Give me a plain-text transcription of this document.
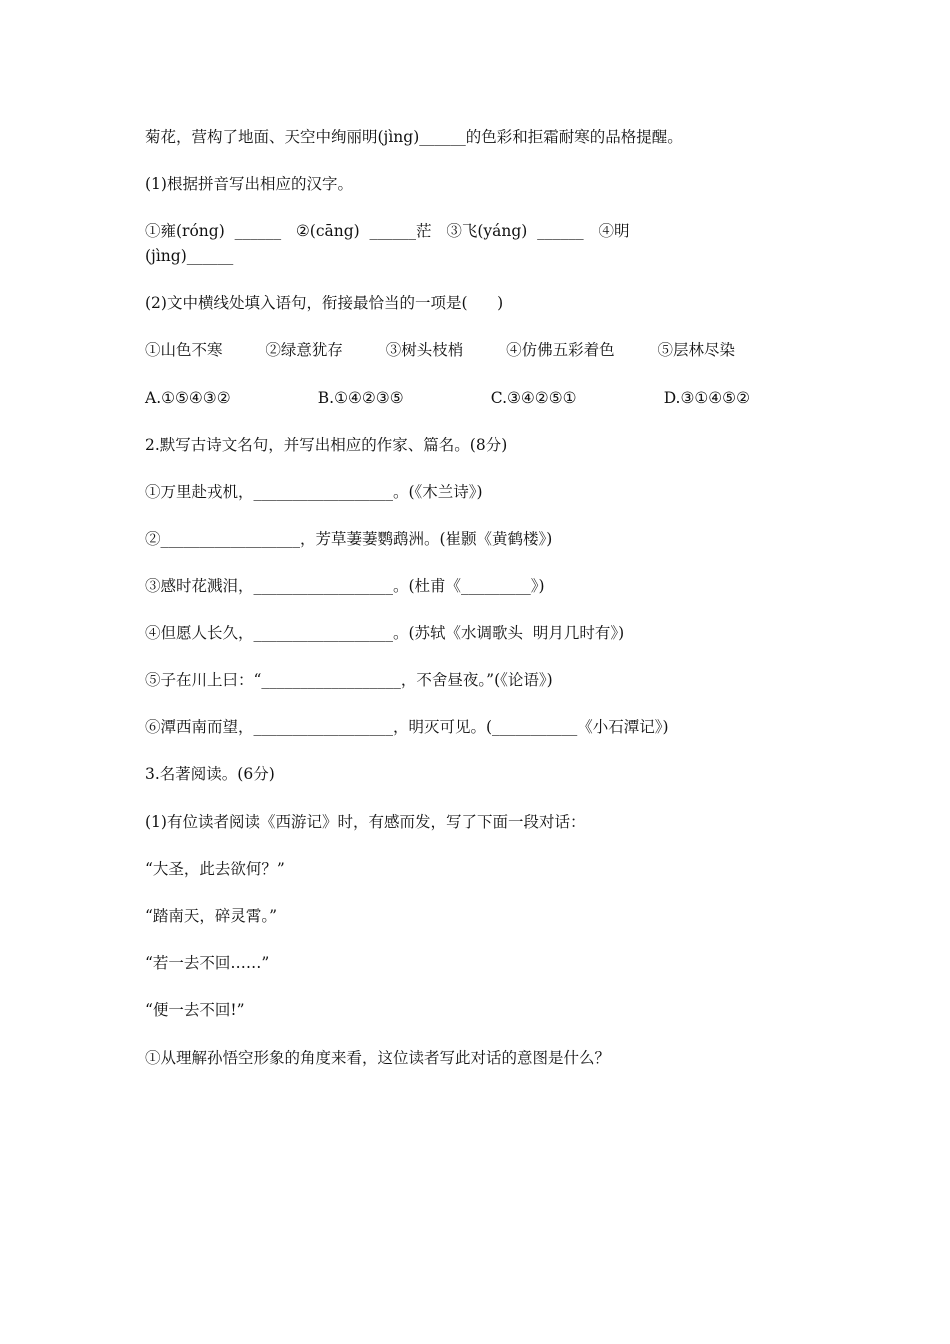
菊花，营构了地面、天空中绚丽明(jìng)______的色彩和拒霜耐寒的品格提醒。
(1)根据拼音写出相应的汉字。
①雍(róng)  ______   ②(cāng)  ______茫   ③飞(yáng)  ______   ④明
(jìng)______
(2)文中横线处填入语句，衔接最恰当的一项是(      )
①山色不寒	②绿意犹存	③树头枝梢	④仿佛五彩着色	⑤层林尽染
A.①⑤④③②	B.①④②③⑤	C.③④②⑤①	D.③①④⑤②
2.默写古诗文名句，并写出相应的作家、篇名。(8分)
①万里赴戎机，__________________。(《木兰诗》)
②__________________，芳草萋萋鹦鹉洲。(崔颢《黄鹤楼》)
③感时花溅泪，__________________。(杜甫《_________》)
④但愿人长久，__________________。(苏轼《水调歌头  明月几时有》)
⑤子在川上曰：“__________________，不舍昼夜。”(《论语》)
⑥潭西南而望，__________________，明灭可见。(___________《小石潭记》)
3.名著阅读。(6分)
(1)有位读者阅读《西游记》时，有感而发，写了下面一段对话：
“大圣，此去欲何？”
“踏南天，碎灵霄。”
“若一去不回……”
“便一去不回!”
①从理解孙悟空形象的角度来看，这位读者写此对话的意图是什么？
